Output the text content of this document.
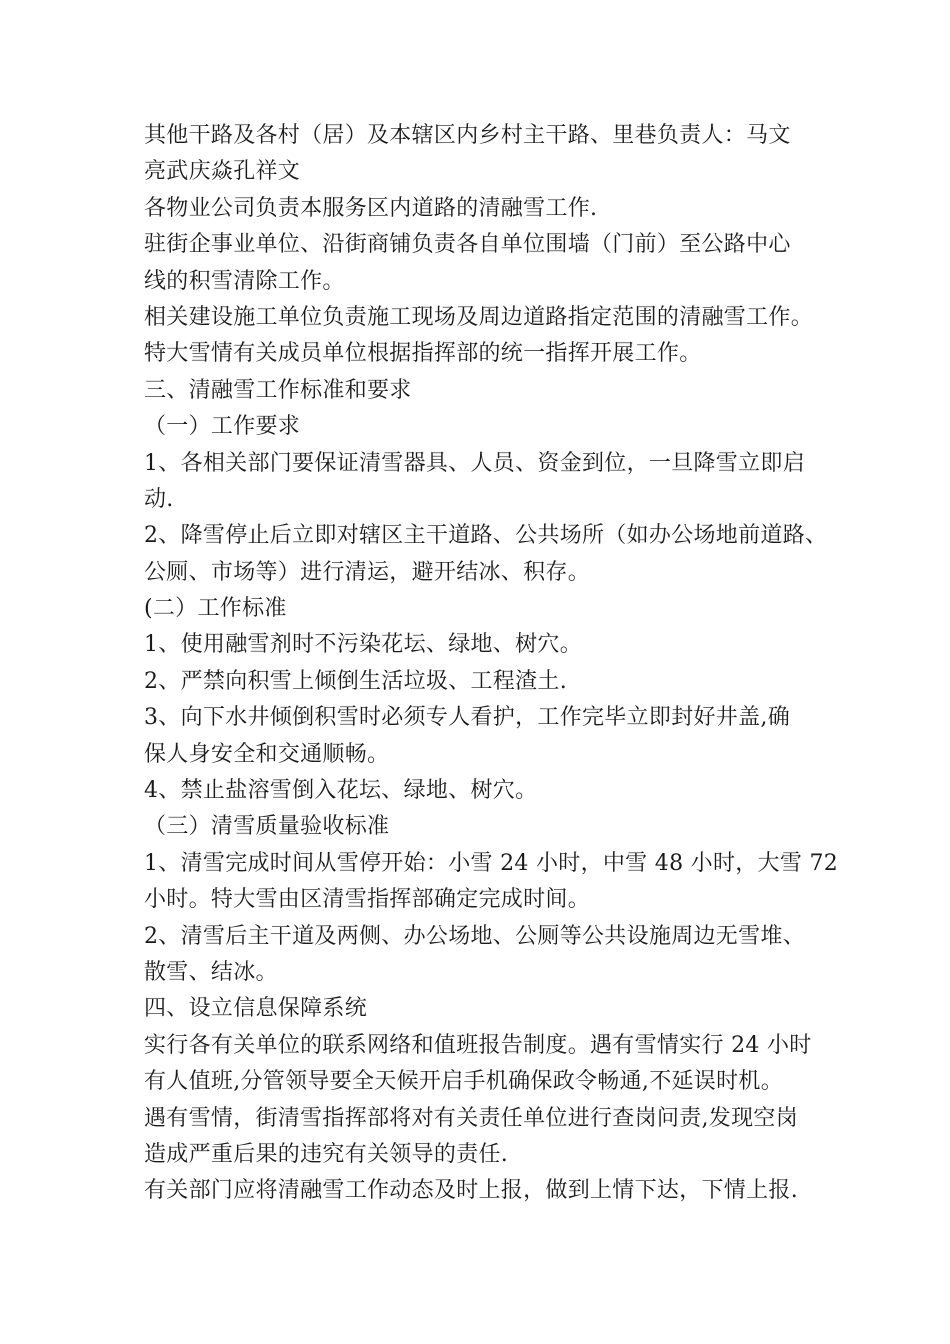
其他干路及各村（居）及本辖区内乡村主干路、里巷负责人：马文
亮武庆焱孔祥文
各物业公司负责本服务区内道路的清融雪工作.
驻街企事业单位、沿街商铺负责各自单位围墙（门前）至公路中心
线的积雪清除工作。
相关建设施工单位负责施工现场及周边道路指定范围的清融雪工作。
特大雪情有关成员单位根据指挥部的统一指挥开展工作。
三、清融雪工作标准和要求
（一）工作要求
1、各相关部门要保证清雪器具、人员、资金到位，一旦降雪立即启
动.
2、降雪停止后立即对辖区主干道路、公共场所（如办公场地前道路、
公厕、市场等）进行清运，避开结冰、积存。
(二）工作标准
1、使用融雪剂时不污染花坛、绿地、树穴。
2、严禁向积雪上倾倒生活垃圾、工程渣土.
3、向下水井倾倒积雪时必须专人看护，工作完毕立即封好井盖,确
保人身安全和交通顺畅。
4、禁止盐溶雪倒入花坛、绿地、树穴。
（三）清雪质量验收标准
1、清雪完成时间从雪停开始：小雪 24 小时，中雪 48 小时，大雪 72
小时。特大雪由区清雪指挥部确定完成时间。
2、清雪后主干道及两侧、办公场地、公厕等公共设施周边无雪堆、
散雪、结冰。
四、设立信息保障系统
实行各有关单位的联系网络和值班报告制度。遇有雪情实行 24 小时
有人值班,分管领导要全天候开启手机确保政令畅通,不延误时机。
遇有雪情，街清雪指挥部将对有关责任单位进行查岗问责,发现空岗
造成严重后果的违究有关领导的责任.
有关部门应将清融雪工作动态及时上报，做到上情下达，下情上报.
